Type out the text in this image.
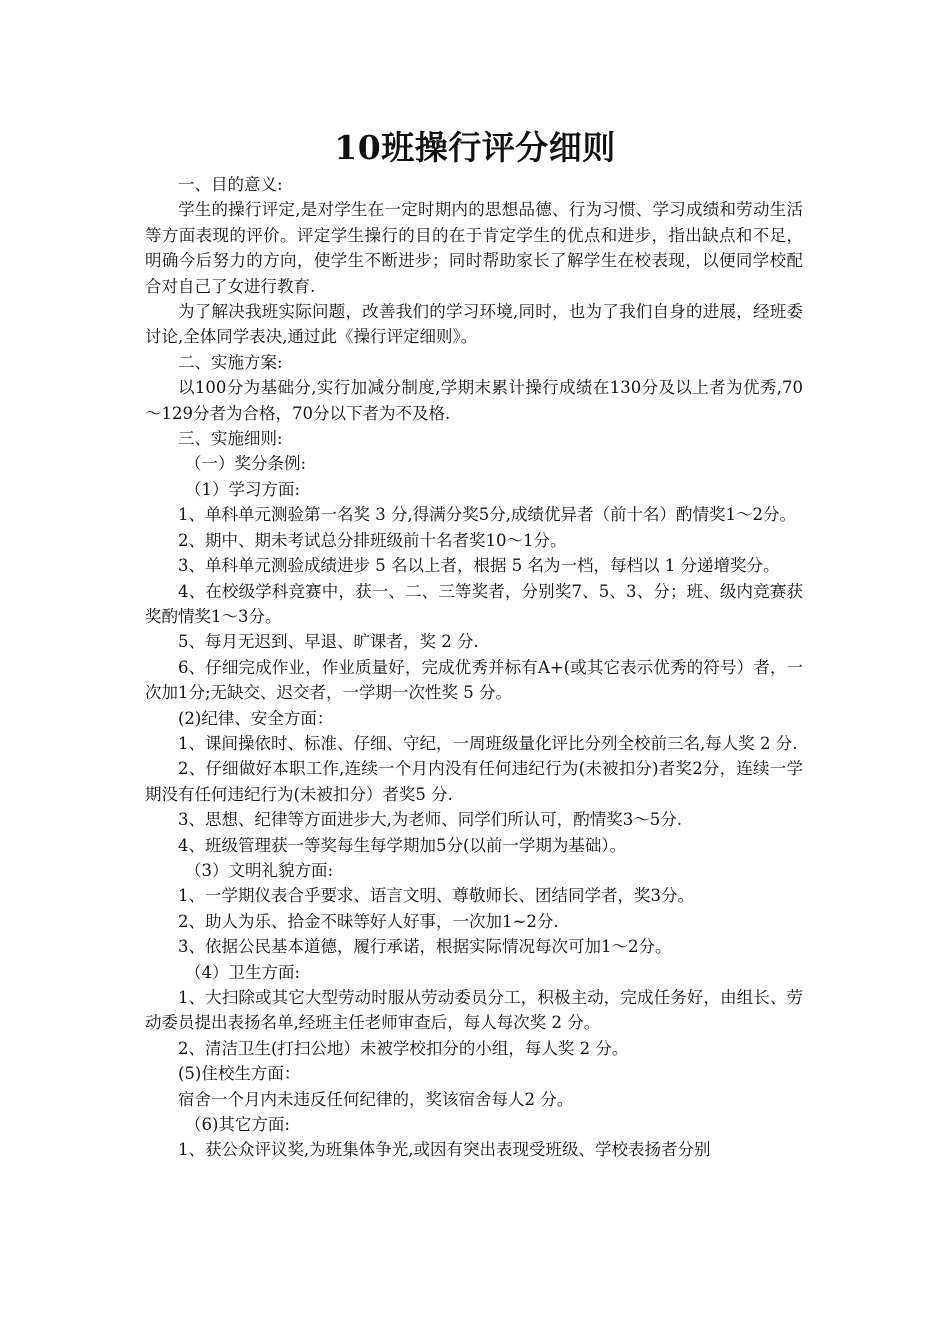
10班操行评分细则

一、目的意义:

学生的操行评定,是对学生在一定时期内的思想品德、行为习惯、学习成绩和劳动生活等方面表现的评价。评定学生操行的目的在于肯定学生的优点和进步，指出缺点和不足，明确今后努力的方向，使学生不断进步；同时帮助家长了解学生在校表现，以便同学校配合对自己了女进行教育.

为了解决我班实际问题，改善我们的学习环境,同时，也为了我们自身的进展，经班委讨论,全体同学表决,通过此《操行评定细则》。

二、实施方案:

以100分为基础分,实行加减分制度,学期末累计操行成绩在130分及以上者为优秀,70～129分者为合格，70分以下者为不及格.

三、实施细则:

（一）奖分条例:

（1）学习方面:

1、单科单元测验第一名奖 3 分,得满分奖5分,成绩优异者（前十名）酌情奖1～2分。

2、期中、期未考试总分排班级前十名者奖10～1分。

3、单科单元测验成绩进步 5 名以上者，根据 5 名为一档，每档以 1 分递增奖分。

4、在校级学科竞赛中，获一、二、三等奖者，分别奖7、5、3、分；班、级内竞赛获奖酌情奖1～3分。

5、每月无迟到、早退、旷课者，奖 2 分.

6、仔细完成作业，作业质量好，完成优秀并标有A+(或其它表示优秀的符号）者，一次加1分;无缺交、迟交者，一学期一次性奖 5 分。

(2)纪律、安全方面：

1、课间操依时、标准、仔细、守纪，一周班级量化评比分列全校前三名,每人奖 2 分.

2、仔细做好本职工作,连续一个月内没有任何违纪行为(未被扣分)者奖2分，连续一学期没有任何违纪行为(未被扣分）者奖5 分.

3、思想、纪律等方面进步大,为老师、同学们所认可，酌情奖3～5分.

4、班级管理获一等奖每生每学期加5分(以前一学期为基础）。

（3）文明礼貌方面:

1、一学期仪表合乎要求、语言文明、尊敬师长、团结同学者，奖3分。

2、助人为乐、拾金不昧等好人好事，一次加1~2分.

3、依据公民基本道德，履行承诺，根据实际情况每次可加1～2分。

（4）卫生方面:

1、大扫除或其它大型劳动时服从劳动委员分工，积极主动，完成任务好，由组长、劳动委员提出表扬名单,经班主任老师审查后，每人每次奖 2 分。

2、清洁卫生(打扫公地）未被学校扣分的小组，每人奖 2 分。

(5)住校生方面：

宿舍一个月内未违反任何纪律的，奖该宿舍每人2 分。

（6)其它方面:

1、获公众评议奖,为班集体争光,或因有突出表现受班级、学校表扬者分别
